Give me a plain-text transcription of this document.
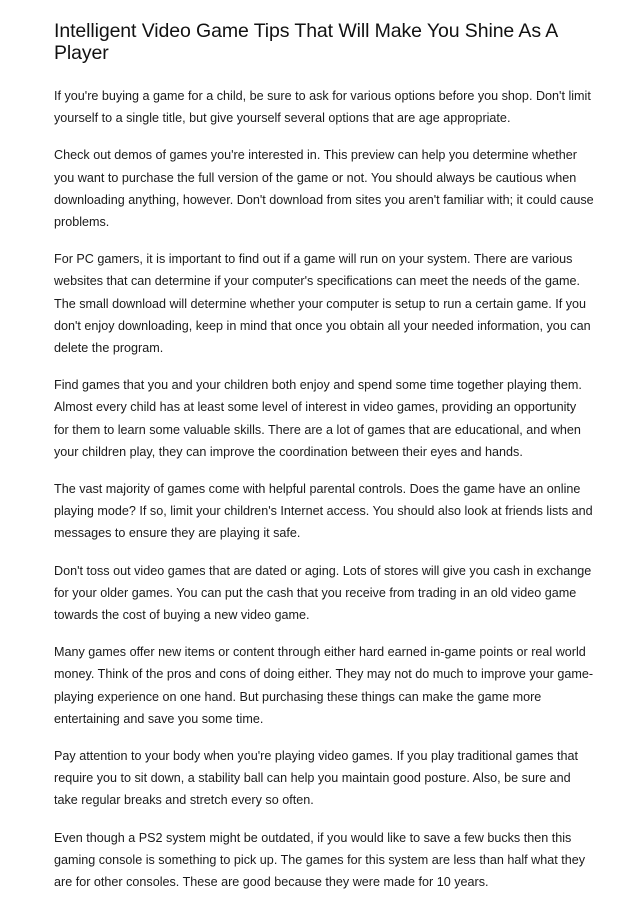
Intelligent Video Game Tips That Will Make You Shine As A Player

If you're buying a game for a child, be sure to ask for various options before you shop. Don't limit yourself to a single title, but give yourself several options that are age appropriate.

Check out demos of games you're interested in. This preview can help you determine whether you want to purchase the full version of the game or not. You should always be cautious when downloading anything, however. Don't download from sites you aren't familiar with; it could cause problems.

For PC gamers, it is important to find out if a game will run on your system. There are various websites that can determine if your computer's specifications can meet the needs of the game. The small download will determine whether your computer is setup to run a certain game. If you don't enjoy downloading, keep in mind that once you obtain all your needed information, you can delete the program.

Find games that you and your children both enjoy and spend some time together playing them. Almost every child has at least some level of interest in video games, providing an opportunity for them to learn some valuable skills. There are a lot of games that are educational, and when your children play, they can improve the coordination between their eyes and hands.

The vast majority of games come with helpful parental controls. Does the game have an online playing mode? If so, limit your children's Internet access. You should also look at friends lists and messages to ensure they are playing it safe.

Don't toss out video games that are dated or aging. Lots of stores will give you cash in exchange for your older games. You can put the cash that you receive from trading in an old video game towards the cost of buying a new video game.

Many games offer new items or content through either hard earned in-game points or real world money. Think of the pros and cons of doing either. They may not do much to improve your game-playing experience on one hand. But purchasing these things can make the game more entertaining and save you some time.

Pay attention to your body when you're playing video games. If you play traditional games that require you to sit down, a stability ball can help you maintain good posture. Also, be sure and take regular breaks and stretch every so often.

Even though a PS2 system might be outdated, if you would like to save a few bucks then this gaming console is something to pick up. The games for this system are less than half what they are for other consoles. These are good because they were made for 10 years.
